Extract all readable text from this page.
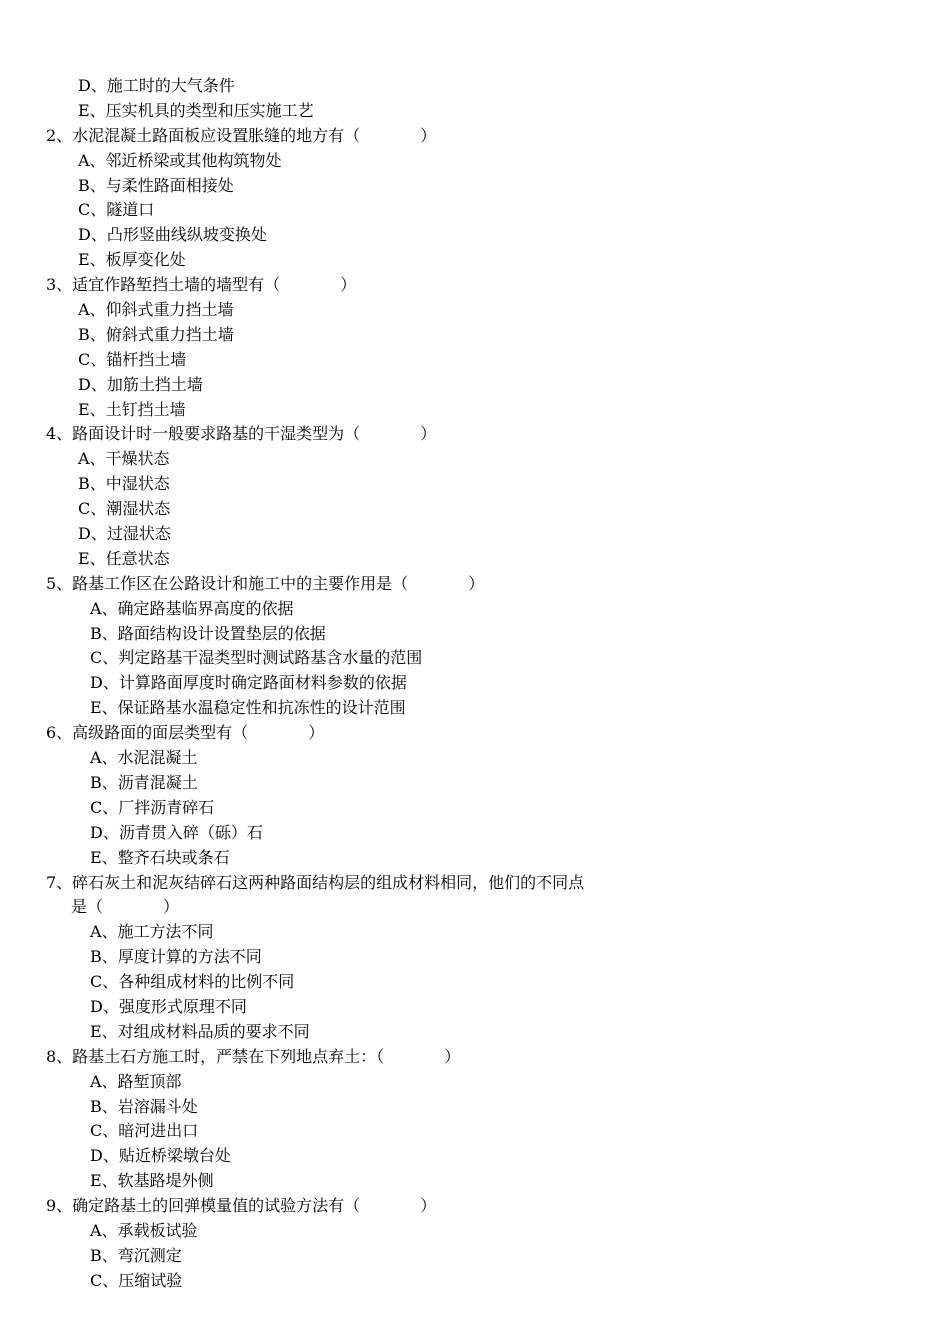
D、施工时的大气条件
E、压实机具的类型和压实施工艺
2、水泥混凝土路面板应设置胀缝的地方有（	）
A、邻近桥梁或其他构筑物处
B、与柔性路面相接处
C、隧道口
D、凸形竖曲线纵坡变换处
E、板厚变化处
3、适宜作路堑挡土墙的墙型有（	）
A、仰斜式重力挡土墙
B、俯斜式重力挡土墙
C、锚杆挡土墙
D、加筋土挡土墙
E、土钉挡土墙
4、路面设计时一般要求路基的干湿类型为（	）
A、干燥状态
B、中湿状态
C、潮湿状态
D、过湿状态
E、任意状态
5、路基工作区在公路设计和施工中的主要作用是（	）
A、确定路基临界高度的依据
B、路面结构设计设置垫层的依据
C、判定路基干湿类型时测试路基含水量的范围
D、计算路面厚度时确定路面材料参数的依据
E、保证路基水温稳定性和抗冻性的设计范围
6、高级路面的面层类型有（	）
A、水泥混凝土
B、沥青混凝土
C、厂拌沥青碎石
D、沥青贯入碎（砾）石
E、整齐石块或条石
7、碎石灰土和泥灰结碎石这两种路面结构层的组成材料相同，他们的不同点
是（	）
A、施工方法不同
B、厚度计算的方法不同
C、各种组成材料的比例不同
D、强度形式原理不同
E、对组成材料品质的要求不同
8、路基土石方施工时，严禁在下列地点弃土：（	）
A、路堑顶部
B、岩溶漏斗处
C、暗河进出口
D、贴近桥梁墩台处
E、软基路堤外侧
9、确定路基土的回弹模量值的试验方法有（	）
A、承载板试验
B、弯沉测定
C、压缩试验
